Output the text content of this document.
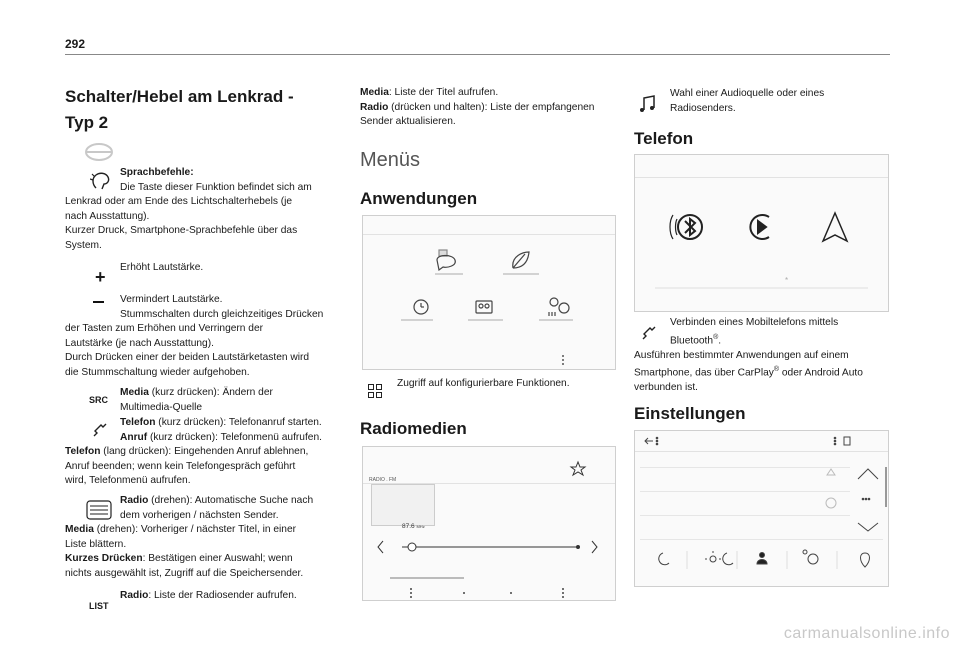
292
Schalter/Hebel am Lenkrad -
Typ 2
Sprachbefehle:
Die Taste dieser Funktion befindet sich am
Lenkrad oder am Ende des Lichtschalterhebels (je
nach Ausstattung).
Kurzer Druck, Smartphone-Sprachbefehle über das
System.
+	Erhöht Lautstärke.
Vermindert Lautstärke.
Stummschalten durch gleichzeitiges Drücken
der Tasten zum Erhöhen und Verringern der
Lautstärke (je nach Ausstattung).
Durch Drücken einer der beiden Lautstärketasten wird
die Stummschaltung wieder aufgehoben.
SRC
Media (kurz drücken): Ändern der
Multimedia-Quelle
Telefon (kurz drücken): Telefonanruf starten.
Anruf (kurz drücken): Telefonmenü aufrufen.
Telefon (lang drücken): Eingehenden Anruf ablehnen,
Anruf beenden; wenn kein Telefongespräch geführt
wird, Telefonmenü aufrufen.
Radio (drehen): Automatische Suche nach
dem vorherigen / nächsten Sender.
Media (drehen): Vorheriger / nächster Titel, in einer
Liste blättern.
Kurzes Drücken: Bestätigen einer Auswahl; wenn
nichts ausgewählt ist, Zugriff auf die Speichersender.
LIST
Radio: Liste der Radiosender aufrufen.
Media: Liste der Titel aufrufen.
Radio (drücken und halten): Liste der empfangenen
Sender aktualisieren.
Menüs
Anwendungen
Zugriff auf konfigurierbare Funktionen.
Radiomedien
RADIO . FM
87.6 MHz
Wahl einer Audioquelle oder eines
Radiosenders.
Telefon
*
Verbinden eines Mobiltelefons mittels
Bluetooth®.
Ausführen bestimmter Anwendungen auf einem
Smartphone, das über CarPlay® oder Android Auto
verbunden ist.
Einstellungen
carmanualsonline.info
